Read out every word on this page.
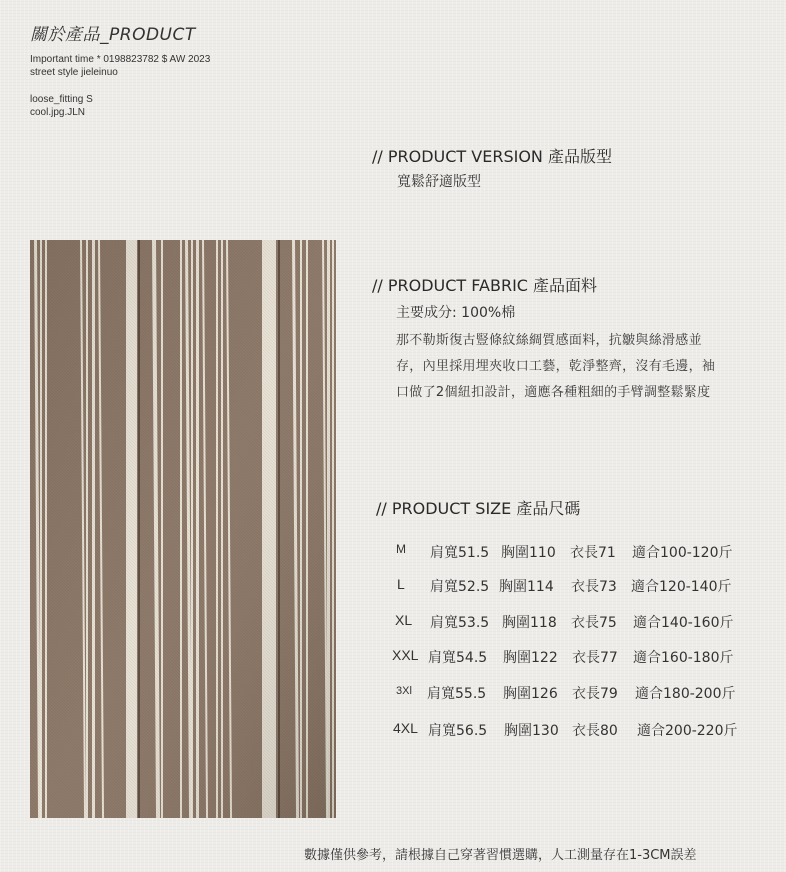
關於產品_PRODUCT
Important time * 0198823782 $ AW 2023
street style jieleinuo
loose_fitting S
cool.jpg.JLN
// PRODUCT VERSION 產品版型
寬鬆舒適版型
// PRODUCT FABRIC 產品面料
主要成分: 100%棉
那不勒斯復古豎條紋絲綢質感面料，抗皺與絲滑感並存，內里採用埋夾收口工藝，乾淨整齊，沒有毛邊，袖口做了2個紐扣設計，適應各種粗細的手臂調整鬆緊度
// PRODUCT SIZE 產品尺碼
M 肩寬51.5 胸圍110 衣長71 適合100-120斤
L 肩寬52.5 胸圍114 衣長73 適合120-140斤
XL 肩寬53.5 胸圍118 衣長75 適合140-160斤
XXL 肩寬54.5 胸圍122 衣長77 適合160-180斤
3Xl 肩寬55.5 胸圍126 衣長79 適合180-200斤
4XL 肩寬56.5 胸圍130 衣長80 適合200-220斤
數據僅供參考，請根據自己穿著習慣選購，人工測量存在1-3CM誤差
